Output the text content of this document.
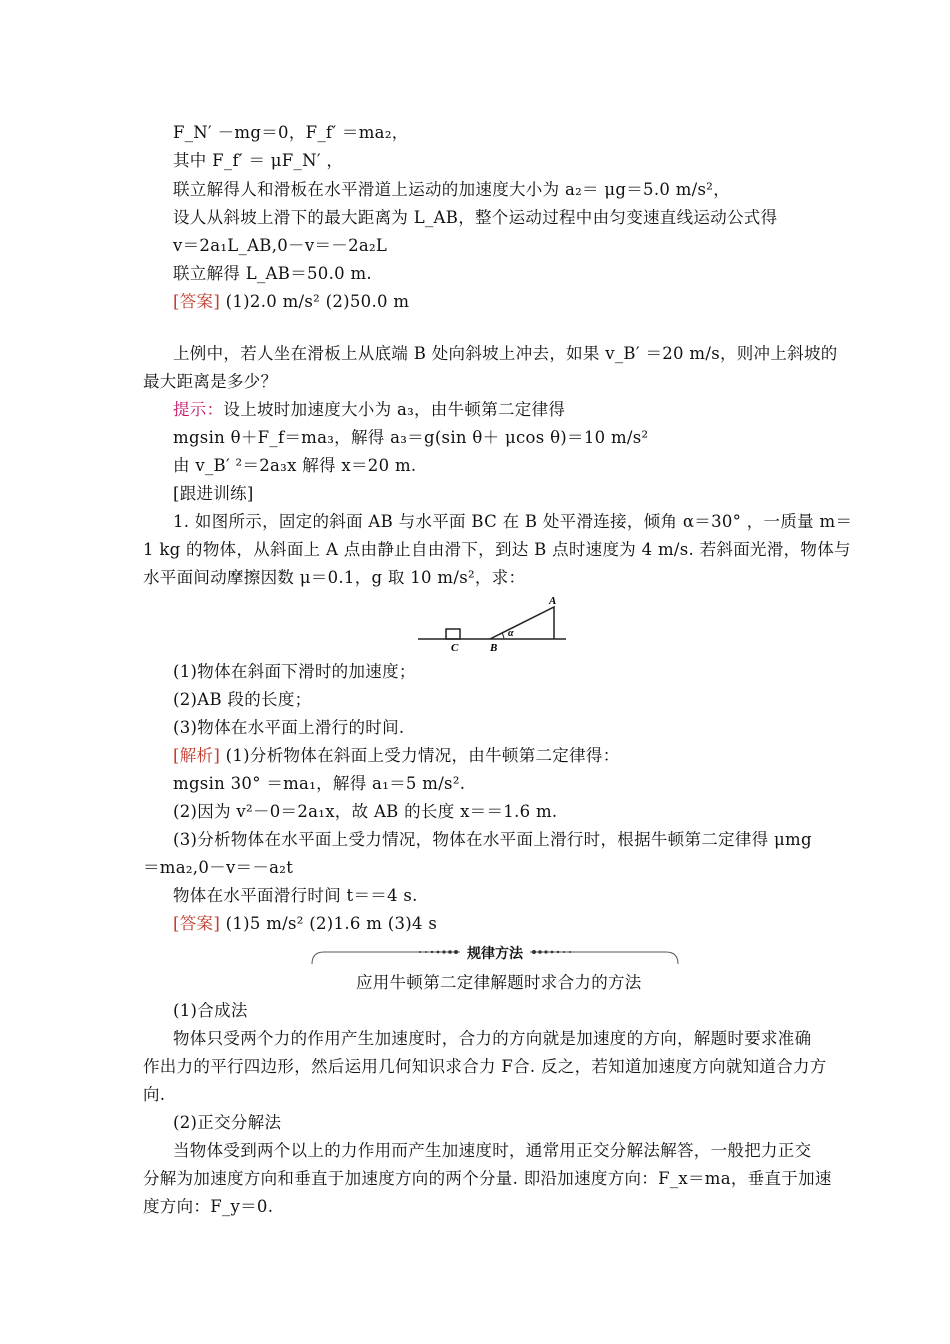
F_N′ －mg＝0，F_f′ ＝ma₂，
其中 F_f′ ＝ μF_N′ ，
联立解得人和滑板在水平滑道上运动的加速度大小为 a₂＝ μg＝5.0 m/s²，
设人从斜坡上滑下的最大距离为 L_AB，整个运动过程中由匀变速直线运动公式得
v＝2a₁L_AB,0－v＝－2a₂L
联立解得 L_AB＝50.0 m.
[答案] (1)2.0 m/s² (2)50.0 m
上例中，若人坐在滑板上从底端 B 处向斜坡上冲去，如果 v_B′ ＝20 m/s，则冲上斜坡的
最大距离是多少？
提示：设上坡时加速度大小为 a₃，由牛顿第二定律得
mgsin θ＋F_f＝ma₃，解得 a₃＝g(sin θ＋ μcos θ)＝10 m/s²
由 v_B′ ²＝2a₃x 解得 x＝20 m.
[跟进训练]
1. 如图所示，固定的斜面 AB 与水平面 BC 在 B 处平滑连接，倾角 α＝30° ，一质量 m＝
1 kg 的物体，从斜面上 A 点由静止自由滑下，到达 B 点时速度为 4 m/s. 若斜面光滑，物体与
水平面间动摩擦因数 μ＝0.1，g 取 10 m/s²，求：
A
B
C
α
(1)物体在斜面下滑时的加速度；
(2)AB 段的长度；
(3)物体在水平面上滑行的时间.
[解析] (1)分析物体在斜面上受力情况，由牛顿第二定律得：
mgsin 30° ＝ma₁，解得 a₁＝5 m/s².
(2)因为 v²－0＝2a₁x，故 AB 的长度 x＝＝1.6 m.
(3)分析物体在水平面上受力情况，物体在水平面上滑行时，根据牛顿第二定律得 μmg
＝ma₂,0－v＝－a₂t
物体在水平面滑行时间 t＝＝4 s.
[答案] (1)5 m/s² (2)1.6 m (3)4 s
规律方法
应用牛顿第二定律解题时求合力的方法
(1)合成法
物体只受两个力的作用产生加速度时，合力的方向就是加速度的方向，解题时要求准确
作出力的平行四边形，然后运用几何知识求合力 F合. 反之，若知道加速度方向就知道合力方
向.
(2)正交分解法
当物体受到两个以上的力作用而产生加速度时，通常用正交分解法解答，一般把力正交
分解为加速度方向和垂直于加速度方向的两个分量. 即沿加速度方向：F_x＝ma，垂直于加速
度方向：F_y＝0.
